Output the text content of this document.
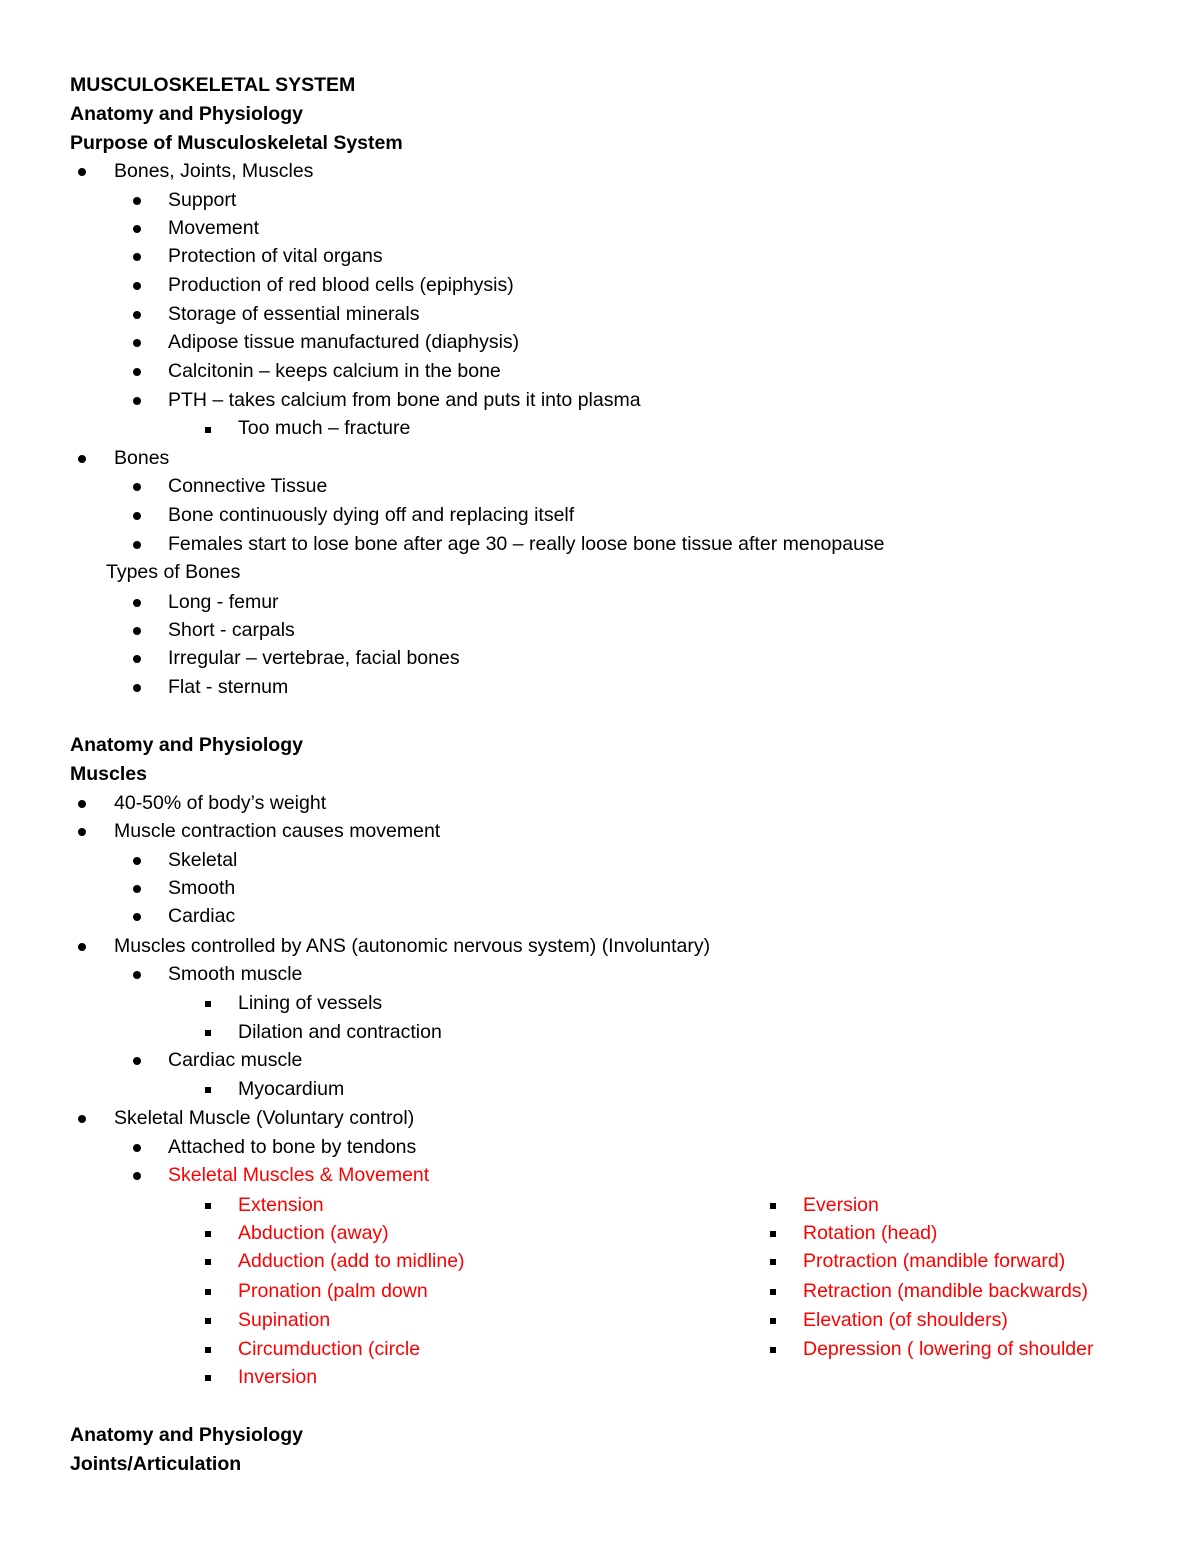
MUSCULOSKELETAL SYSTEM
Anatomy and Physiology
Purpose of Musculoskeletal System
Bones, Joints, Muscles
Support
Movement
Protection of vital organs
Production of red blood cells (epiphysis)
Storage of essential minerals
Adipose tissue manufactured (diaphysis)
Calcitonin – keeps calcium in the bone
PTH – takes calcium from bone and puts it into plasma
Too much – fracture
Bones
Connective Tissue
Bone continuously dying off and replacing itself
Females start to lose bone after age 30 – really loose bone tissue after menopause
Types of Bones
Long - femur
Short - carpals
Irregular – vertebrae, facial bones
Flat - sternum
Anatomy and Physiology
Muscles
40-50% of body’s weight
Muscle contraction causes movement
Skeletal
Smooth
Cardiac
Muscles controlled by ANS (autonomic nervous system) (Involuntary)
Smooth muscle
Lining of vessels
Dilation and contraction
Cardiac muscle
Myocardium
Skeletal Muscle (Voluntary control)
Attached to bone by tendons
Skeletal Muscles & Movement
Extension
Abduction (away)
Adduction (add to midline)
Pronation (palm down
Supination
Circumduction (circle
Inversion
Eversion
Rotation (head)
Protraction (mandible forward)
Retraction (mandible backwards)
Elevation (of shoulders)
Depression ( lowering of shoulder
Anatomy and Physiology
Joints/Articulation
